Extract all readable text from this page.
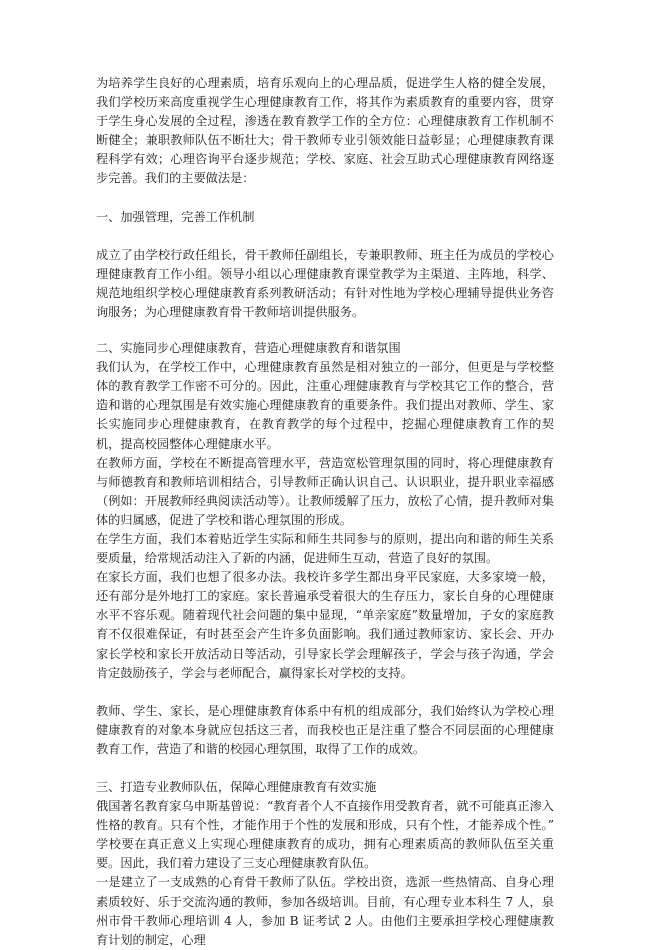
为培养学生良好的心理素质，培育乐观向上的心理品质，促进学生人格的健全发展，我们学校历来高度重视学生心理健康教育工作，将其作为素质教育的重要内容，贯穿于学生身心发展的全过程，渗透在教育教学工作的全方位：心理健康教育工作机制不断健全；兼职教师队伍不断壮大；骨干教师专业引领效能日益彰显；心理健康教育课程科学有效；心理咨询平台逐步规范；学校、家庭、社会互助式心理健康教育网络逐步完善。我们的主要做法是：

一、加强管理，完善工作机制

成立了由学校行政任组长，骨干教师任副组长，专兼职教师、班主任为成员的学校心理健康教育工作小组。领导小组以心理健康教育课堂教学为主渠道、主阵地，科学、规范地组织学校心理健康教育系列教研活动；有针对性地为学校心理辅导提供业务咨询服务；为心理健康教育骨干教师培训提供服务。

二、实施同步心理健康教育，营造心理健康教育和谐氛围

我们认为，在学校工作中，心理健康教育虽然是相对独立的一部分，但更是与学校整体的教育教学工作密不可分的。因此，注重心理健康教育与学校其它工作的整合，营造和谐的心理氛围是有效实施心理健康教育的重要条件。我们提出对教师、学生、家长实施同步心理健康教育，在教育教学的每个过程中，挖掘心理健康教育工作的契机，提高校园整体心理健康水平。

在教师方面，学校在不断提高管理水平，营造宽松管理氛围的同时，将心理健康教育与师德教育和教师培训相结合，引导教师正确认识自己、认识职业，提升职业幸福感（例如：开展教师经典阅读活动等）。让教师缓解了压力，放松了心情，提升教师对集体的归属感，促进了学校和谐心理氛围的形成。

在学生方面，我们本着贴近学生实际和师生共同参与的原则，提出向和谐的师生关系要质量，给常规活动注入了新的内涵，促进师生互动，营造了良好的氛围。

在家长方面，我们也想了很多办法。我校许多学生都出身平民家庭，大多家境一般，还有部分是外地打工的家庭。家长普遍承受着很大的生存压力，家长自身的心理健康水平不容乐观。随着现代社会问题的集中显现，“单亲家庭”数量增加，子女的家庭教育不仅很难保证，有时甚至会产生许多负面影响。我们通过教师家访、家长会、开办家长学校和家长开放活动日等活动，引导家长学会理解孩子，学会与孩子沟通，学会肯定鼓励孩子，学会与老师配合，赢得家长对学校的支持。

教师、学生、家长，是心理健康教育体系中有机的组成部分，我们始终认为学校心理健康教育的对象本身就应包括这三者，而我校也正是注重了整合不同层面的心理健康教育工作，营造了和谐的校园心理氛围，取得了工作的成效。

三、打造专业教师队伍，保障心理健康教育有效实施

俄国著名教育家乌申斯基曾说：“教育者个人不直接作用受教育者，就不可能真正渗入性格的教育。只有个性，才能作用于个性的发展和形成，只有个性，才能养成个性。” 学校要在真正意义上实现心理健康教育的成功，拥有心理素质高的教师队伍至关重要。因此，我们着力建设了三支心理健康教育队伍。

一是建立了一支成熟的心育骨干教师了队伍。学校出资，选派一些热情高、自身心理素质较好、乐于交流沟通的教师，参加各级培训。目前，有心理专业本科生 7 人，泉州市骨干教师心理培训 4 人，参加 B 证考试 2 人。由他们主要承担学校心理健康教育计划的制定，心理
